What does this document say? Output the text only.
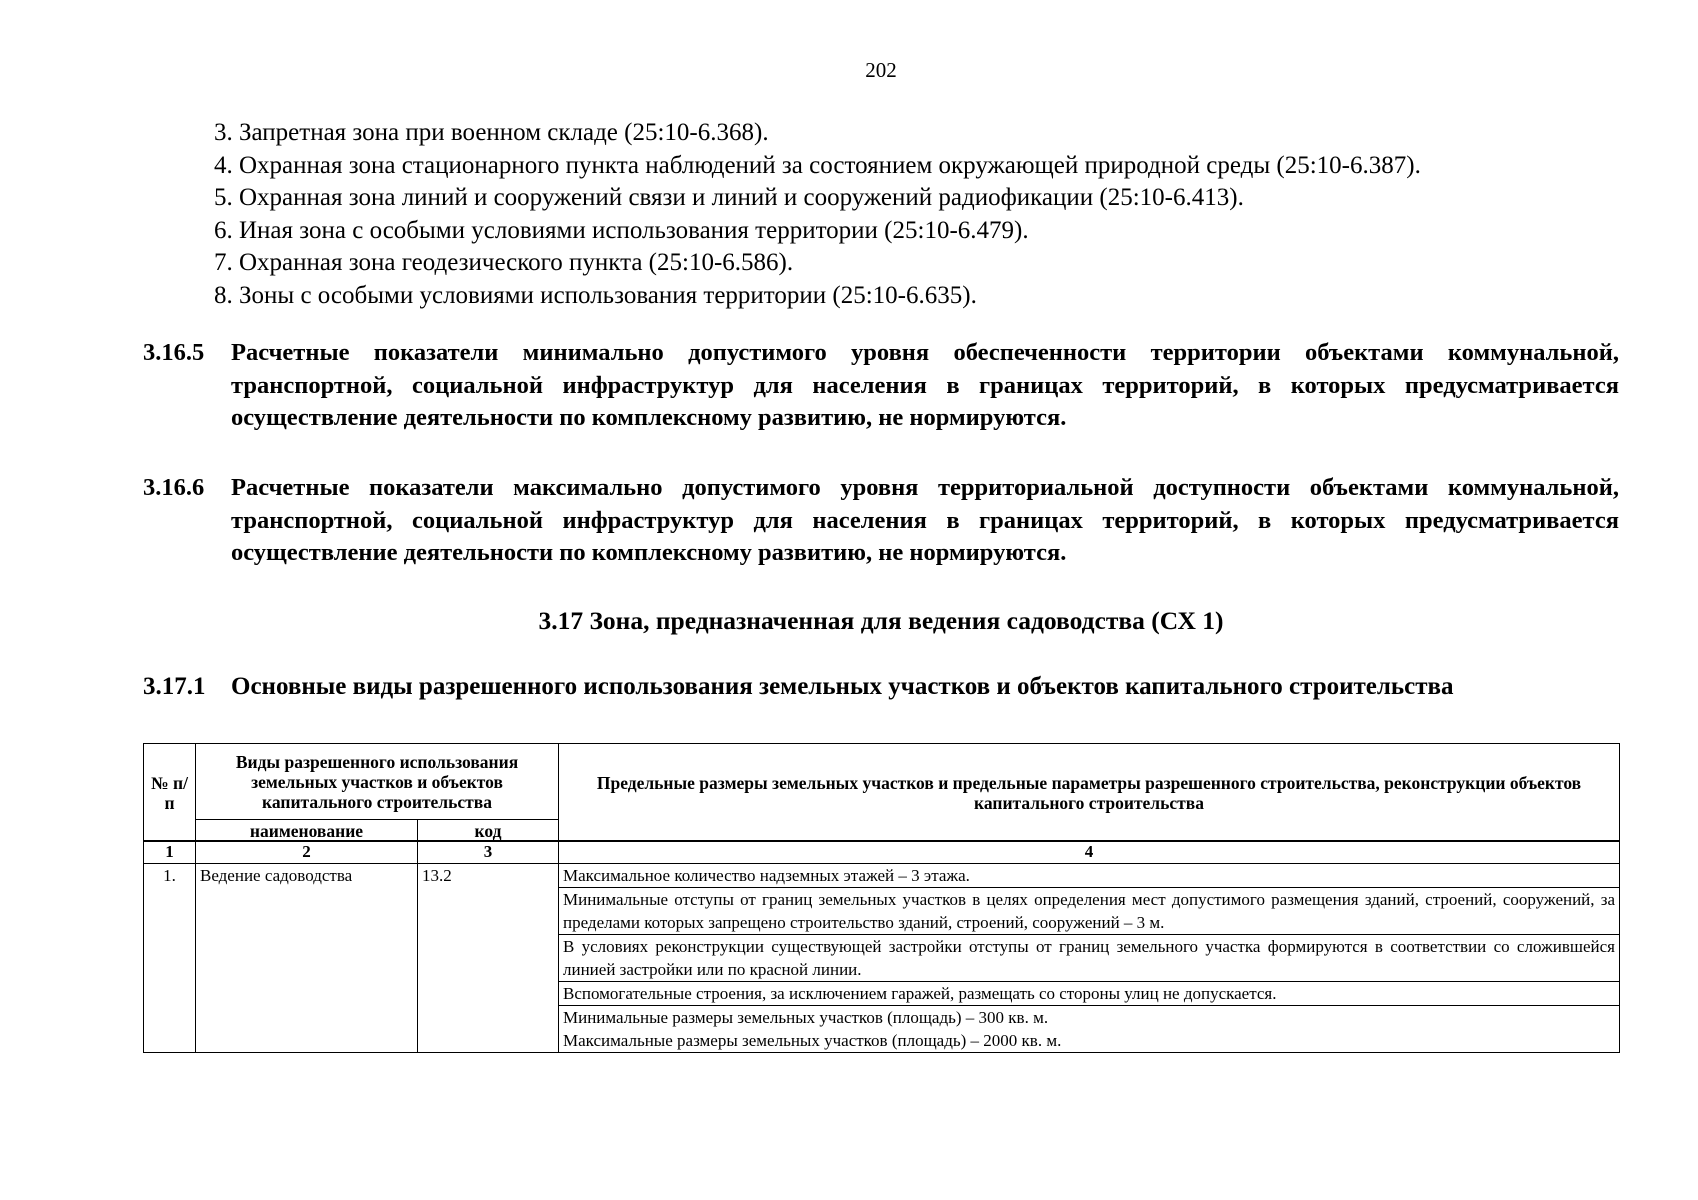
202
3. Запретная зона при военном складе (25:10-6.368).
4. Охранная зона стационарного пункта наблюдений за состоянием окружающей природной среды (25:10-6.387).
5. Охранная зона линий и сооружений связи и линий и сооружений радиофикации (25:10-6.413).
6. Иная зона с особыми условиями использования территории (25:10-6.479).
7. Охранная зона геодезического пункта (25:10-6.586).
8. Зоны с особыми условиями использования территории (25:10-6.635).
3.16.5 Расчетные показатели минимально допустимого уровня обеспеченности территории объектами коммунальной, транспортной, социальной инфраструктур для населения в границах территорий, в которых предусматривается осуществление деятельности по комплексному развитию, не нормируются.
3.16.6 Расчетные показатели максимально допустимого уровня территориальной доступности объектами коммунальной, транспортной, социальной инфраструктур для населения в границах территорий, в которых предусматривается осуществление деятельности по комплексному развитию, не нормируются.
3.17 Зона, предназначенная для ведения садоводства (СХ 1)
3.17.1 Основные виды разрешенного использования земельных участков и объектов капитального строительства
№ п/п	Виды разрешенного использования земельных участков и объектов капитального строительства		Предельные размеры земельных участков и предельные параметры разрешенного строительства, реконструкции объектов капитального строительства
	наименование	код	
1	2	3	4
1.	Ведение садоводства	13.2	Максимальное количество надземных этажей – 3 этажа.
			Минимальные отступы от границ земельных участков в целях определения мест допустимого размещения зданий, строений, сооружений, за пределами которых запрещено строительство зданий, строений, сооружений – 3 м.
			В условиях реконструкции существующей застройки отступы от границ земельного участка формируются в соответствии со сложившейся линией застройки или по красной линии.
			Вспомогательные строения, за исключением гаражей, размещать со стороны улиц не допускается.

			Минимальные размеры земельных участков (площадь) – 300 кв. м.
Максимальные размеры земельных участков (площадь) – 2000 кв. м.
